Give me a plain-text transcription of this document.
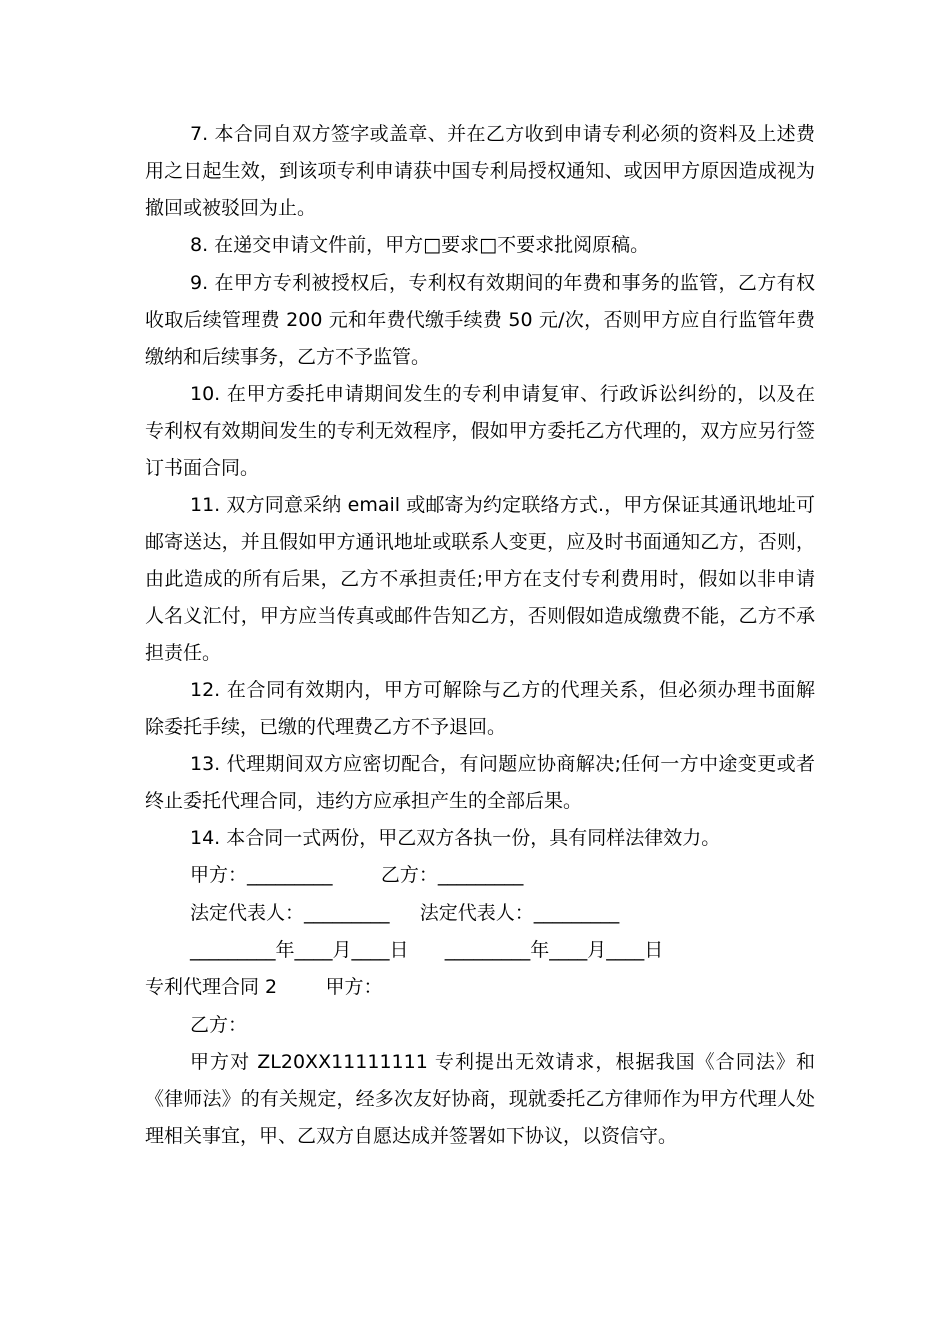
7. 本合同自双方签字或盖章、并在乙方收到申请专利必须的资料及上述费用之日起生效，到该项专利申请获中国专利局授权通知、或因甲方原因造成视为撤回或被驳回为止。
8. 在递交申请文件前，甲方□要求□不要求批阅原稿。
9. 在甲方专利被授权后，专利权有效期间的年费和事务的监管，乙方有权收取后续管理费 200 元和年费代缴手续费 50 元/次，否则甲方应自行监管年费缴纳和后续事务，乙方不予监管。
10. 在甲方委托申请期间发生的专利申请复审、行政诉讼纠纷的，以及在专利权有效期间发生的专利无效程序，假如甲方委托乙方代理的，双方应另行签订书面合同。
11. 双方同意采纳 email 或邮寄为约定联络方式.，甲方保证其通讯地址可邮寄送达，并且假如甲方通讯地址或联系人变更，应及时书面通知乙方，否则，由此造成的所有后果，乙方不承担责任;甲方在支付专利费用时，假如以非申请人名义汇付，甲方应当传真或邮件告知乙方，否则假如造成缴费不能，乙方不承担责任。
12. 在合同有效期内，甲方可解除与乙方的代理关系，但必须办理书面解除委托手续，已缴的代理费乙方不予退回。
13. 代理期间双方应密切配合，有问题应协商解决;任何一方中途变更或者终止委托代理合同，违约方应承担产生的全部后果。
14. 本合同一式两份，甲乙双方各执一份，具有同样法律效力。
甲方：_________        乙方：_________
法定代表人：_________     法定代表人：_________
_________年____月____日      _________年____月____日
专利代理合同 2        甲方：
乙方：
甲方对 ZL20XX11111111 专利提出无效请求，根据我国《合同法》和《律师法》的有关规定，经多次友好协商，现就委托乙方律师作为甲方代理人处理相关事宜，甲、乙双方自愿达成并签署如下协议，以资信守。
